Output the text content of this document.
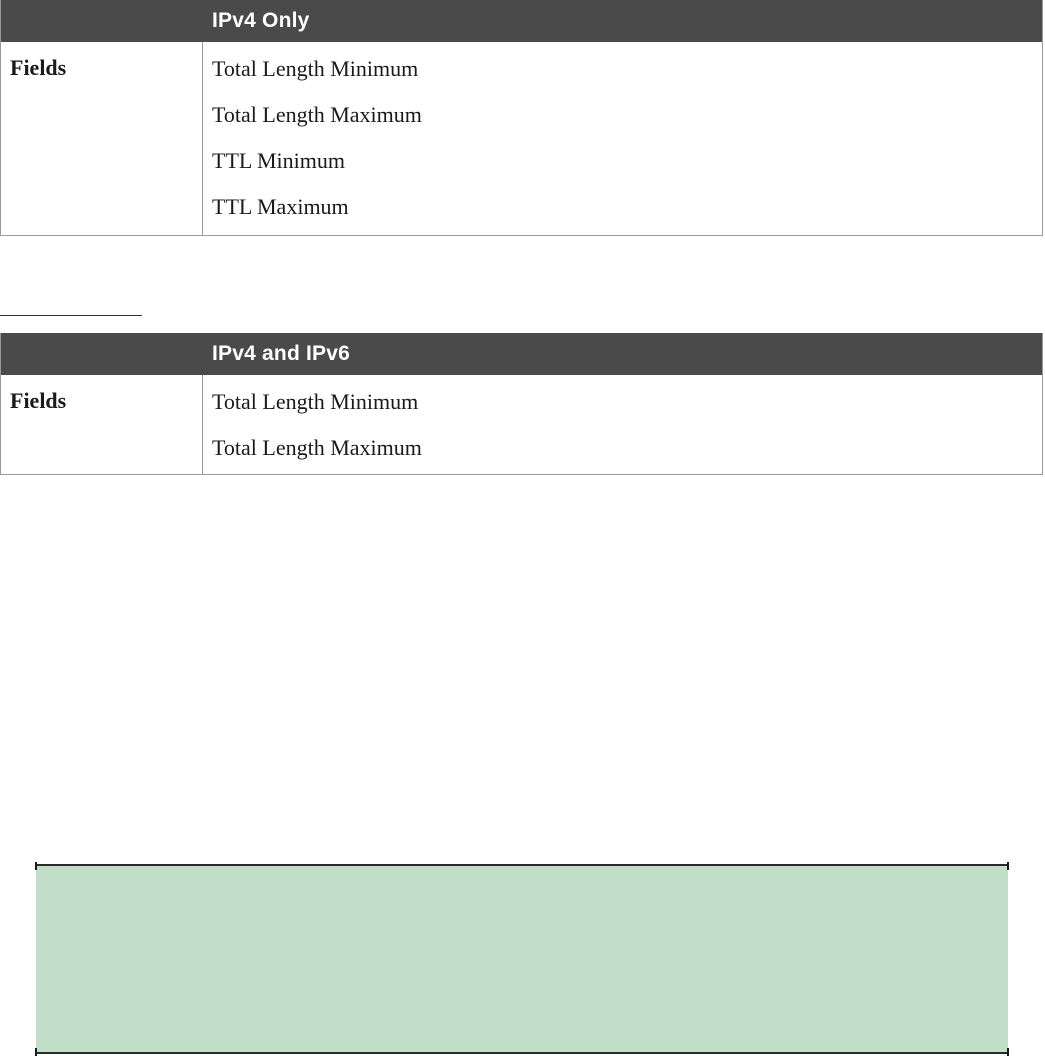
IPv4 Only
Fields	Total Length Minimum
Total Length Maximum
TTL Minimum
TTL Maximum
IPv4 and IPv6
Fields	Total Length Minimum
Total Length Maximum
